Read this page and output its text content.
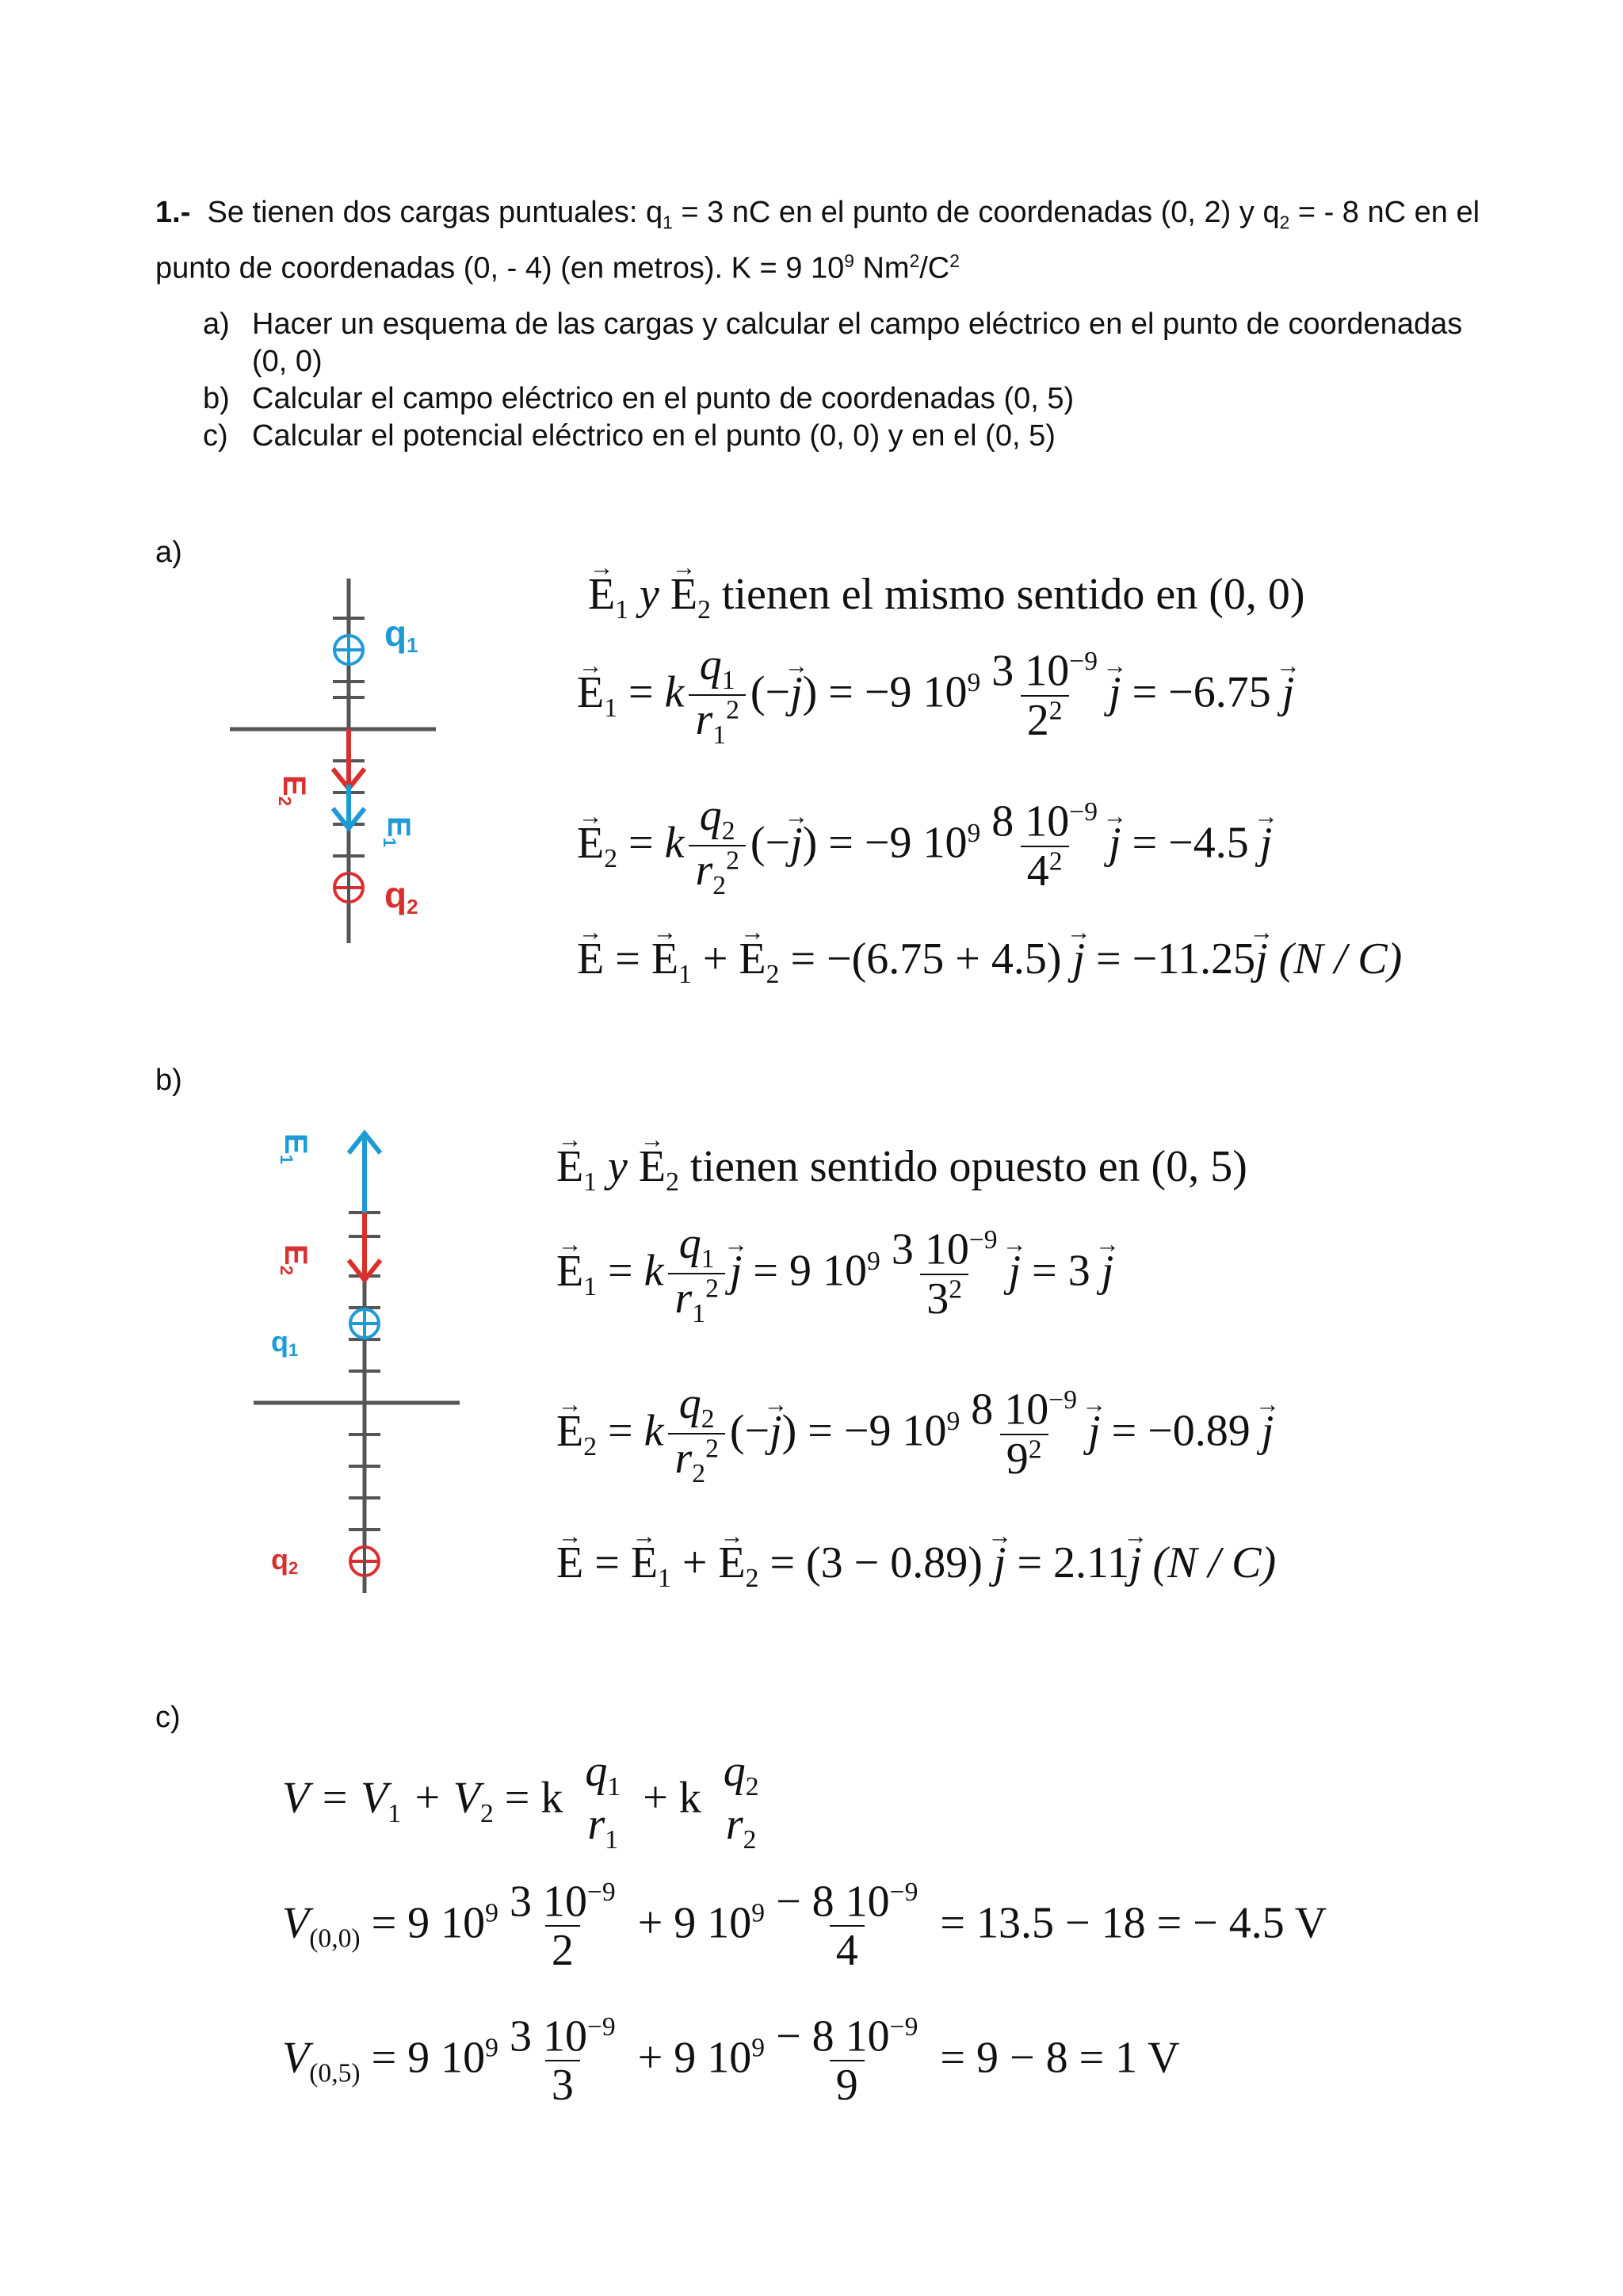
1.- Se tienen dos cargas puntuales: $q_1 = 3$ nC en el punto de coordenadas (0, 2) y $q_2$ = - 8 nC en el punto de coordenadas (0, - 4) (en metros). K = 9 $10^9$ $Nm^2/C^2$
a) Hacer un esquema de las cargas y calcular el campo eléctrico en el punto de coordenadas (0, 0)
b) Calcular el campo eléctrico en el punto de coordenadas (0, 5)
c) Calcular el potencial eléctrico en el punto (0, 0) y en el (0, 5)
a)
q1
q2
E2
E1
→ $E_1$ $y \to E_2$ tienen el mismo sentido en (0, 0)
→ $E_1 = k \frac{q_1}{r_1^2}$ (−→ j) = −9 $10^9 \frac{3 10^{-9}}{2^2}$
→ j = −6.75 → j
→ $E_2 = k \frac{q_2}{r_2^2}$ (−→ j) = −9 $10^9 \frac{8 10^{-9}}{4^2}$
→ j = −4.5 → j
→ E = → $E_1$ + → $E_2 = -(6.75 + 4.5) \to j = -11.25\to j$ (N / C)
b)
E1
E2
q1
q2
→ $E_1$ $y \to E_2$ tienen sentido opuesto en (0, 5)
→ $E_1 = k \frac{q_1}{r_1^2}$
→ j = 9 $10^9 \frac{3 10^{-9}}{3^2}$
→ j = 3 → j
→ $E_2 = k \frac{q_2}{r_2^2}$ (−→ j) = −9 $10^9 \frac{8 10^{-9}}{9^2}$
→ j = −0.89 → j
→ E = → $E_1$ + → $E_2 = (3 - 0.89) \to j = 2.11\to j$ (N / C)
c)
$V = V_1 + V_2 = k$
$q_1$
$r_1$
+ k
$q_2$
$r_2$
$V_{(0,0)} = 9$ $10^9 \frac{3 10^{-9}}{2} + 9$ $10^9 \frac{- 8 10^{-9}}{4} = 13.5 - 18$ = − 4.5 V
$V_{(0,5)} = 9$ $10^9 \frac{3 10^{-9}}{3} + 9$ $10^9 \frac{- 8 10^{-9}}{9} = 9 - 8 = 1$ V
